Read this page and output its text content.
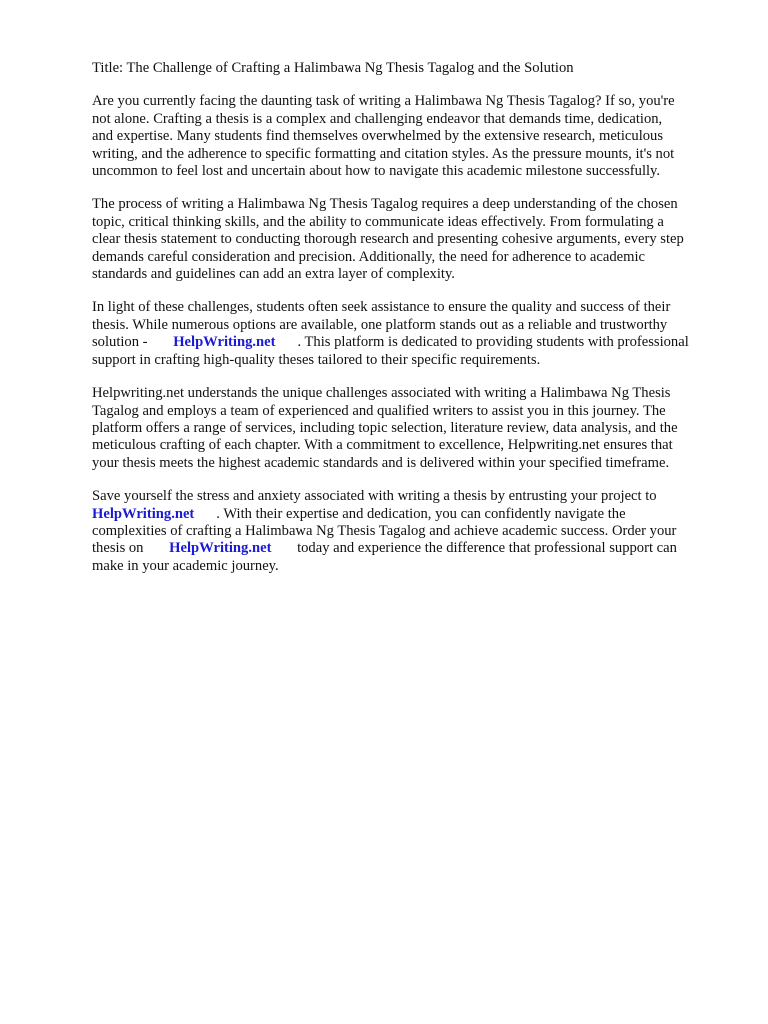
Title: The Challenge of Crafting a Halimbawa Ng Thesis Tagalog and the Solution
Are you currently facing the daunting task of writing a Halimbawa Ng Thesis Tagalog? If so, you're
not alone. Crafting a thesis is a complex and challenging endeavor that demands time, dedication,
and expertise. Many students find themselves overwhelmed by the extensive research, meticulous
writing, and the adherence to specific formatting and citation styles. As the pressure mounts, it's not
uncommon to feel lost and uncertain about how to navigate this academic milestone successfully.
The process of writing a Halimbawa Ng Thesis Tagalog requires a deep understanding of the chosen
topic, critical thinking skills, and the ability to communicate ideas effectively. From formulating a
clear thesis statement to conducting thorough research and presenting cohesive arguments, every step
demands careful consideration and precision. Additionally, the need for adherence to academic
standards and guidelines can add an extra layer of complexity.
In light of these challenges, students often seek assistance to ensure the quality and success of their
thesis. While numerous options are available, one platform stands out as a reliable and trustworthy
solution - HelpWriting.net . This platform is dedicated to providing students with professional
support in crafting high-quality theses tailored to their specific requirements.
Helpwriting.net understands the unique challenges associated with writing a Halimbawa Ng Thesis
Tagalog and employs a team of experienced and qualified writers to assist you in this journey. The
platform offers a range of services, including topic selection, literature review, data analysis, and the
meticulous crafting of each chapter. With a commitment to excellence, Helpwriting.net ensures that
your thesis meets the highest academic standards and is delivered within your specified timeframe.
Save yourself the stress and anxiety associated with writing a thesis by entrusting your project to
HelpWriting.net . With their expertise and dedication, you can confidently navigate the
complexities of crafting a Halimbawa Ng Thesis Tagalog and achieve academic success. Order your
thesis on HelpWriting.net today and experience the difference that professional support can
make in your academic journey.
